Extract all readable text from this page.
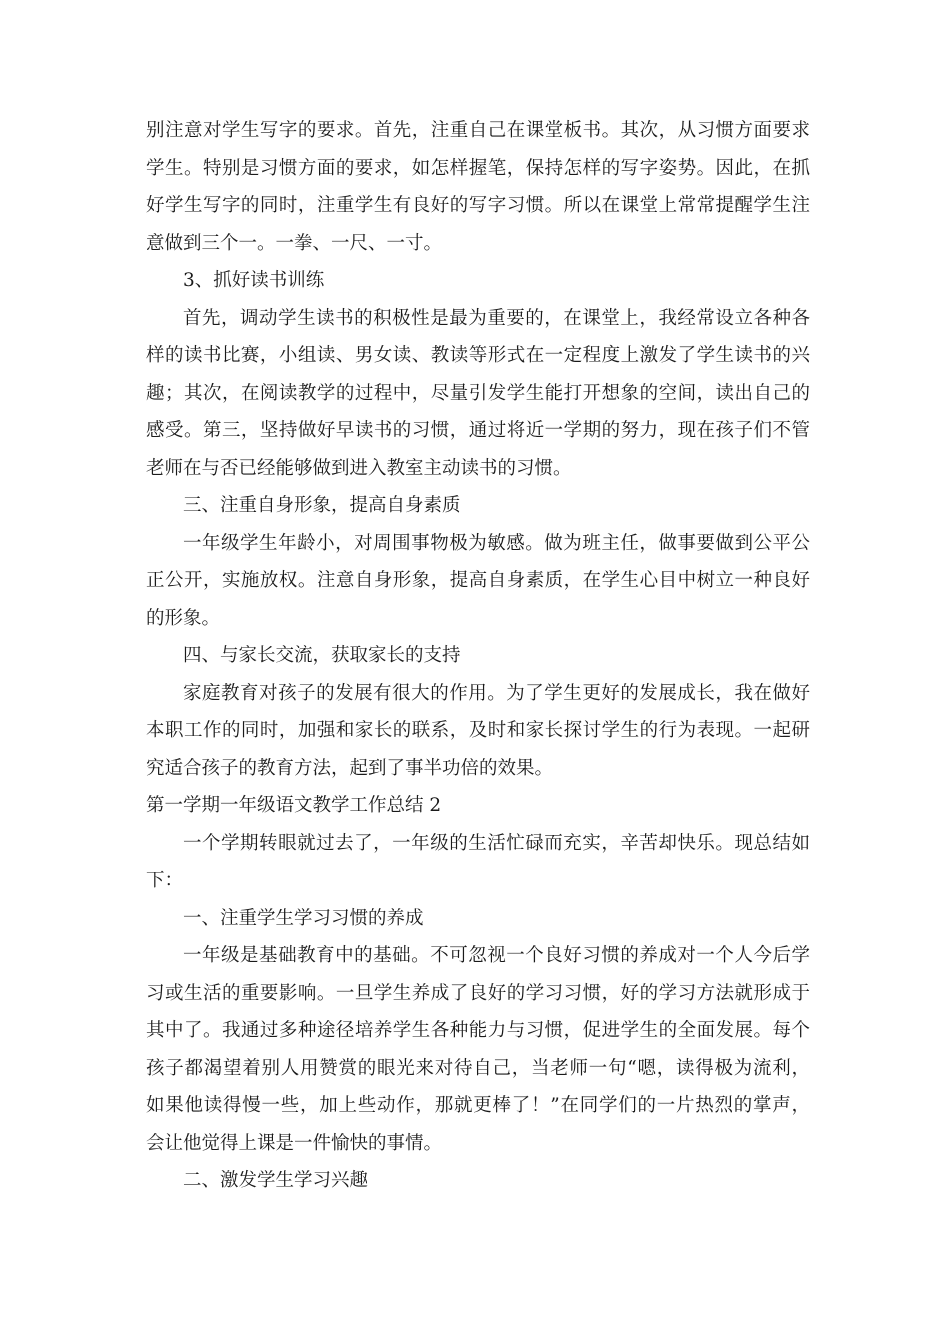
别注意对学生写字的要求。首先，注重自己在课堂板书。其次，从习惯方面要求
学生。特别是习惯方面的要求，如怎样握笔，保持怎样的写字姿势。因此，在抓
好学生写字的同时，注重学生有良好的写字习惯。所以在课堂上常常提醒学生注
意做到三个一。一拳、一尺、一寸。
3、抓好读书训练
首先，调动学生读书的积极性是最为重要的，在课堂上，我经常设立各种各
样的读书比赛，小组读、男女读、教读等形式在一定程度上激发了学生读书的兴
趣；其次，在阅读教学的过程中，尽量引发学生能打开想象的空间，读出自己的
感受。第三，坚持做好早读书的习惯，通过将近一学期的努力，现在孩子们不管
老师在与否已经能够做到进入教室主动读书的习惯。
三、注重自身形象，提高自身素质
一年级学生年龄小，对周围事物极为敏感。做为班主任，做事要做到公平公
正公开，实施放权。注意自身形象，提高自身素质，在学生心目中树立一种良好
的形象。
四、与家长交流，获取家长的支持
家庭教育对孩子的发展有很大的作用。为了学生更好的发展成长，我在做好
本职工作的同时，加强和家长的联系，及时和家长探讨学生的行为表现。一起研
究适合孩子的教育方法，起到了事半功倍的效果。
第一学期一年级语文教学工作总结 2
一个学期转眼就过去了，一年级的生活忙碌而充实，辛苦却快乐。现总结如
下：
一、注重学生学习习惯的养成
一年级是基础教育中的基础。不可忽视一个良好习惯的养成对一个人今后学
习或生活的重要影响。一旦学生养成了良好的学习习惯，好的学习方法就形成于
其中了。我通过多种途径培养学生各种能力与习惯，促进学生的全面发展。每个
孩子都渴望着别人用赞赏的眼光来对待自己，当老师一句“嗯，读得极为流利，
如果他读得慢一些，加上些动作，那就更棒了！”在同学们的一片热烈的掌声，
会让他觉得上课是一件愉快的事情。
二、激发学生学习兴趣
